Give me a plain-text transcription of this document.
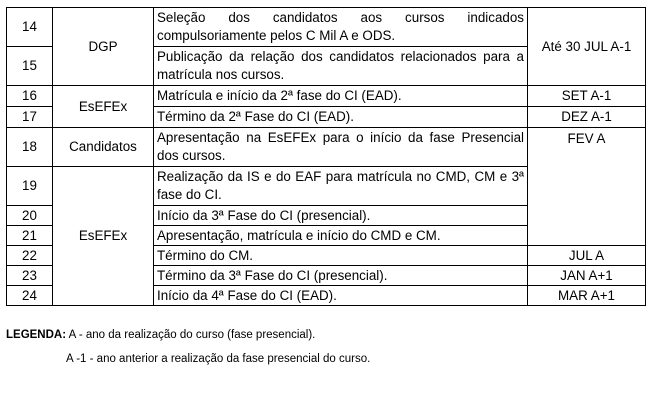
14	DGP	Seleção dos candidatos aos cursos indicados compulsoriamente pelos C Mil A e ODS.	Até 30 JUL A-1
15		Publicação da relação dos candidatos relacionados para a matrícula nos cursos.	
16	EsEFEx	Matrícula e início da 2ª fase do CI (EAD).	SET A-1
17		Término da 2ª Fase do CI (EAD).	DEZ A-1
18	Candidatos	Apresentação na EsEFEx para o início da fase Presencial dos cursos.	FEV A
19	EsEFEx	Realização da IS e do EAF para matrícula no CMD, CM e 3ª fase do CI.	
20		Início da 3ª Fase do CI (presencial).	
21		Apresentação, matrícula e início do CMD e CM.	
22		Término do CM.	JUL A
23		Término da 3ª Fase do CI (presencial).	JAN A+1
24		Início da 4ª Fase do CI (EAD).	MAR A+1
LEGENDA: A - ano da realização do curso (fase presencial).
A -1 - ano anterior a realização da fase presencial do curso.
